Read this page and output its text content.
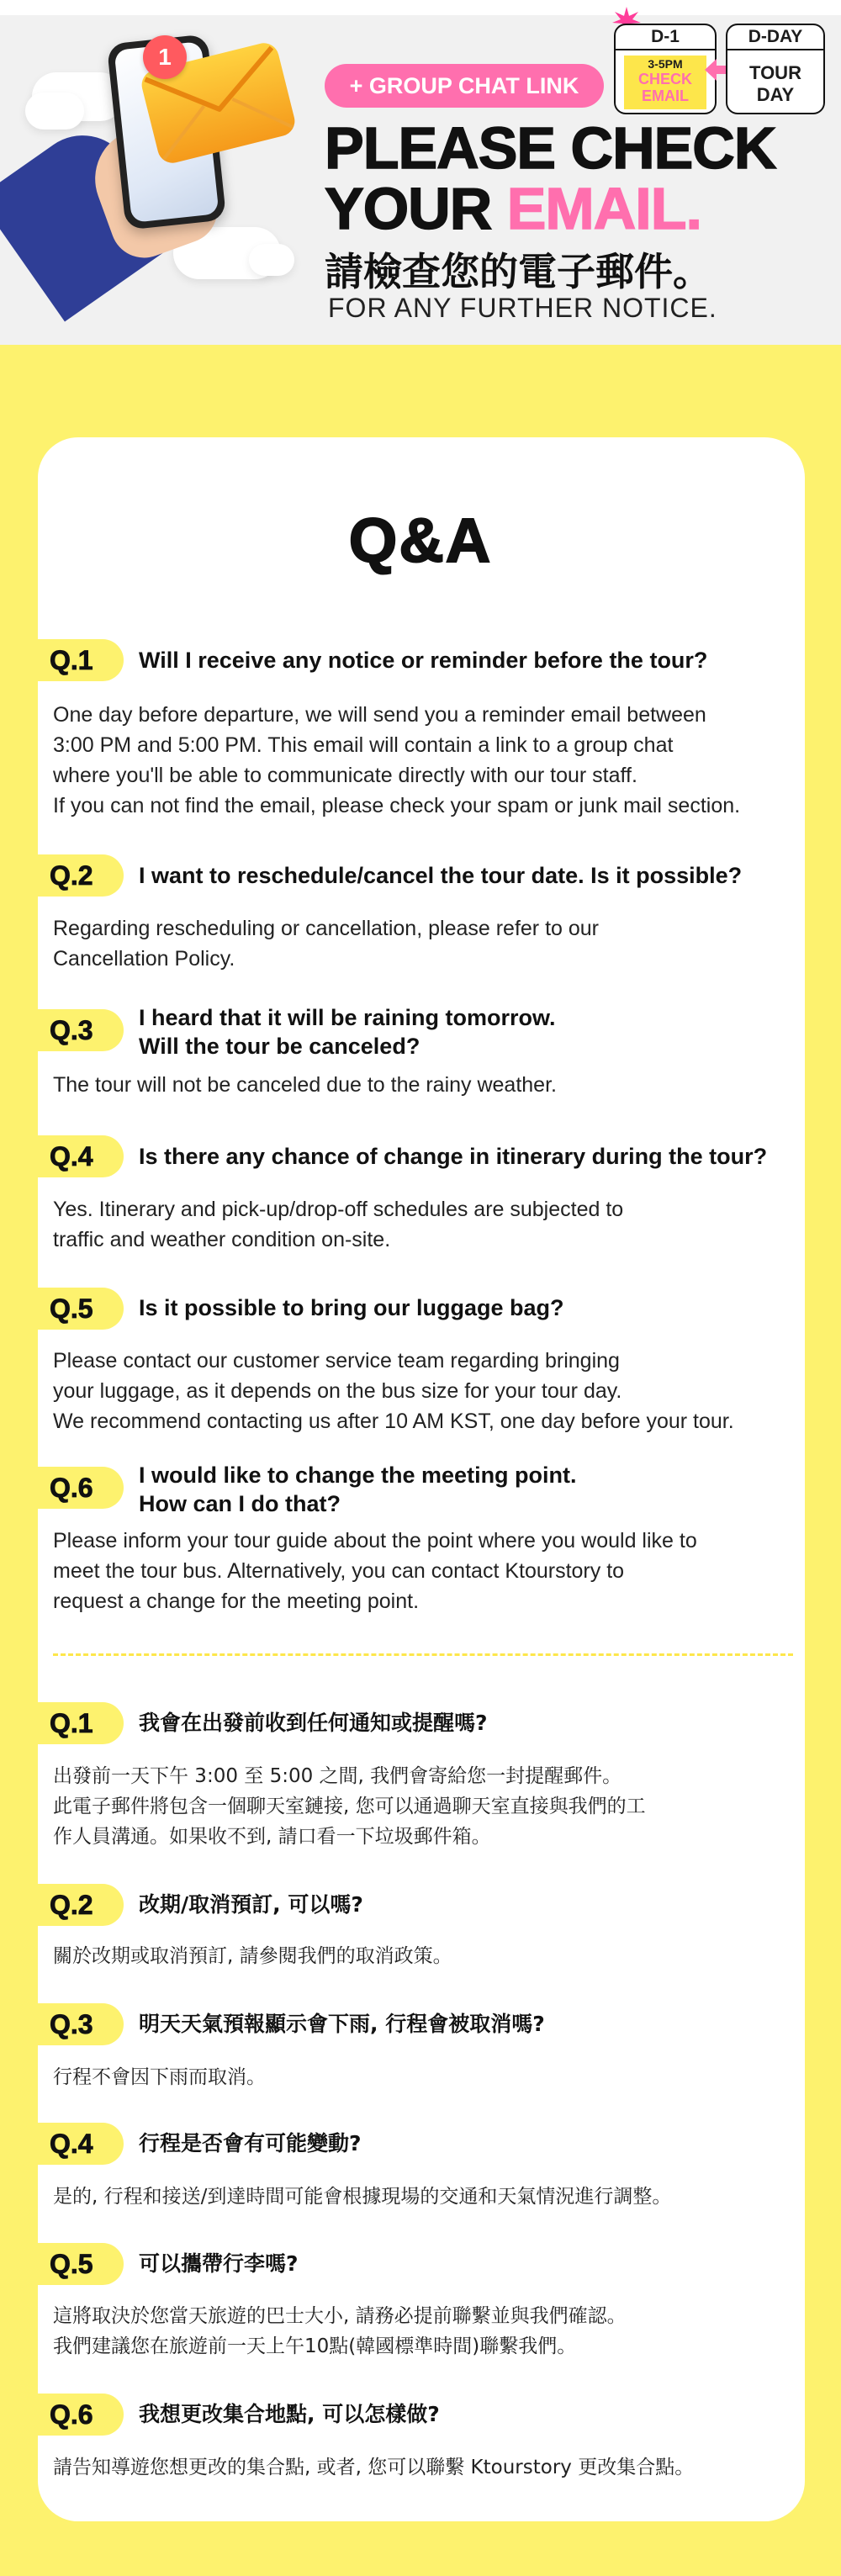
1
+ GROUP CHAT LINK
PLEASE CHECK
YOUR EMAIL.
請檢查您的電子郵件。
FOR ANY FURTHER NOTICE.
D-1
3-5PM
CHECK
EMAIL
D-DAY
TOUR
DAY
Q&A
Q.1	Will I receive any notice or reminder before the tour?
One day before departure, we will send you a reminder email between
3:00 PM and 5:00 PM. This email will contain a link to a group chat
where you'll be able to communicate directly with our tour staff.
If you can not find the email, please check your spam or junk mail section.
Q.2	I want to reschedule/cancel the tour date. Is it possible?
Regarding rescheduling or cancellation, please refer to our
Cancellation Policy.
Q.3	I heard that it will be raining tomorrow.
Will the tour be canceled?
The tour will not be canceled due to the rainy weather.
Q.4	Is there any chance of change in itinerary during the tour?
Yes. Itinerary and pick-up/drop-off schedules are subjected to
traffic and weather condition on-site.
Q.5	Is it possible to bring our luggage bag?
Please contact our customer service team regarding bringing
your luggage, as it depends on the bus size for your tour day.
We recommend contacting us after 10 AM KST, one day before your tour.
Q.6	I would like to change the meeting point.
How can I do that?
Please inform your tour guide about the point where you would like to
meet the tour bus. Alternatively, you can contact Ktourstory to
request a change for the meeting point.
Q.1	我會在出發前收到任何通知或提醒嗎?
出發前一天下午 3:00 至 5:00 之間, 我們會寄給您一封提醒郵件。
此電子郵件將包含一個聊天室鏈接, 您可以通過聊天室直接與我們的工
作人員溝通。如果收不到, 請口看一下垃圾郵件箱。
Q.2	改期/取消預訂, 可以嗎?
關於改期或取消預訂, 請參閱我們的取消政策。
Q.3	明天天氣預報顯示會下雨, 行程會被取消嗎?
行程不會因下雨而取消。
Q.4	行程是否會有可能變動?
是的, 行程和接送/到達時間可能會根據現場的交通和天氣情況進行調整。
Q.5	可以攜帶行李嗎?
這將取決於您當天旅遊的巴士大小, 請務必提前聯繫並與我們確認。
我們建議您在旅遊前一天上午10點(韓國標準時間)聯繫我們。
Q.6	我想更改集合地點, 可以怎樣做?
請告知導遊您想更改的集合點, 或者, 您可以聯繫 Ktourstory 更改集合點。
